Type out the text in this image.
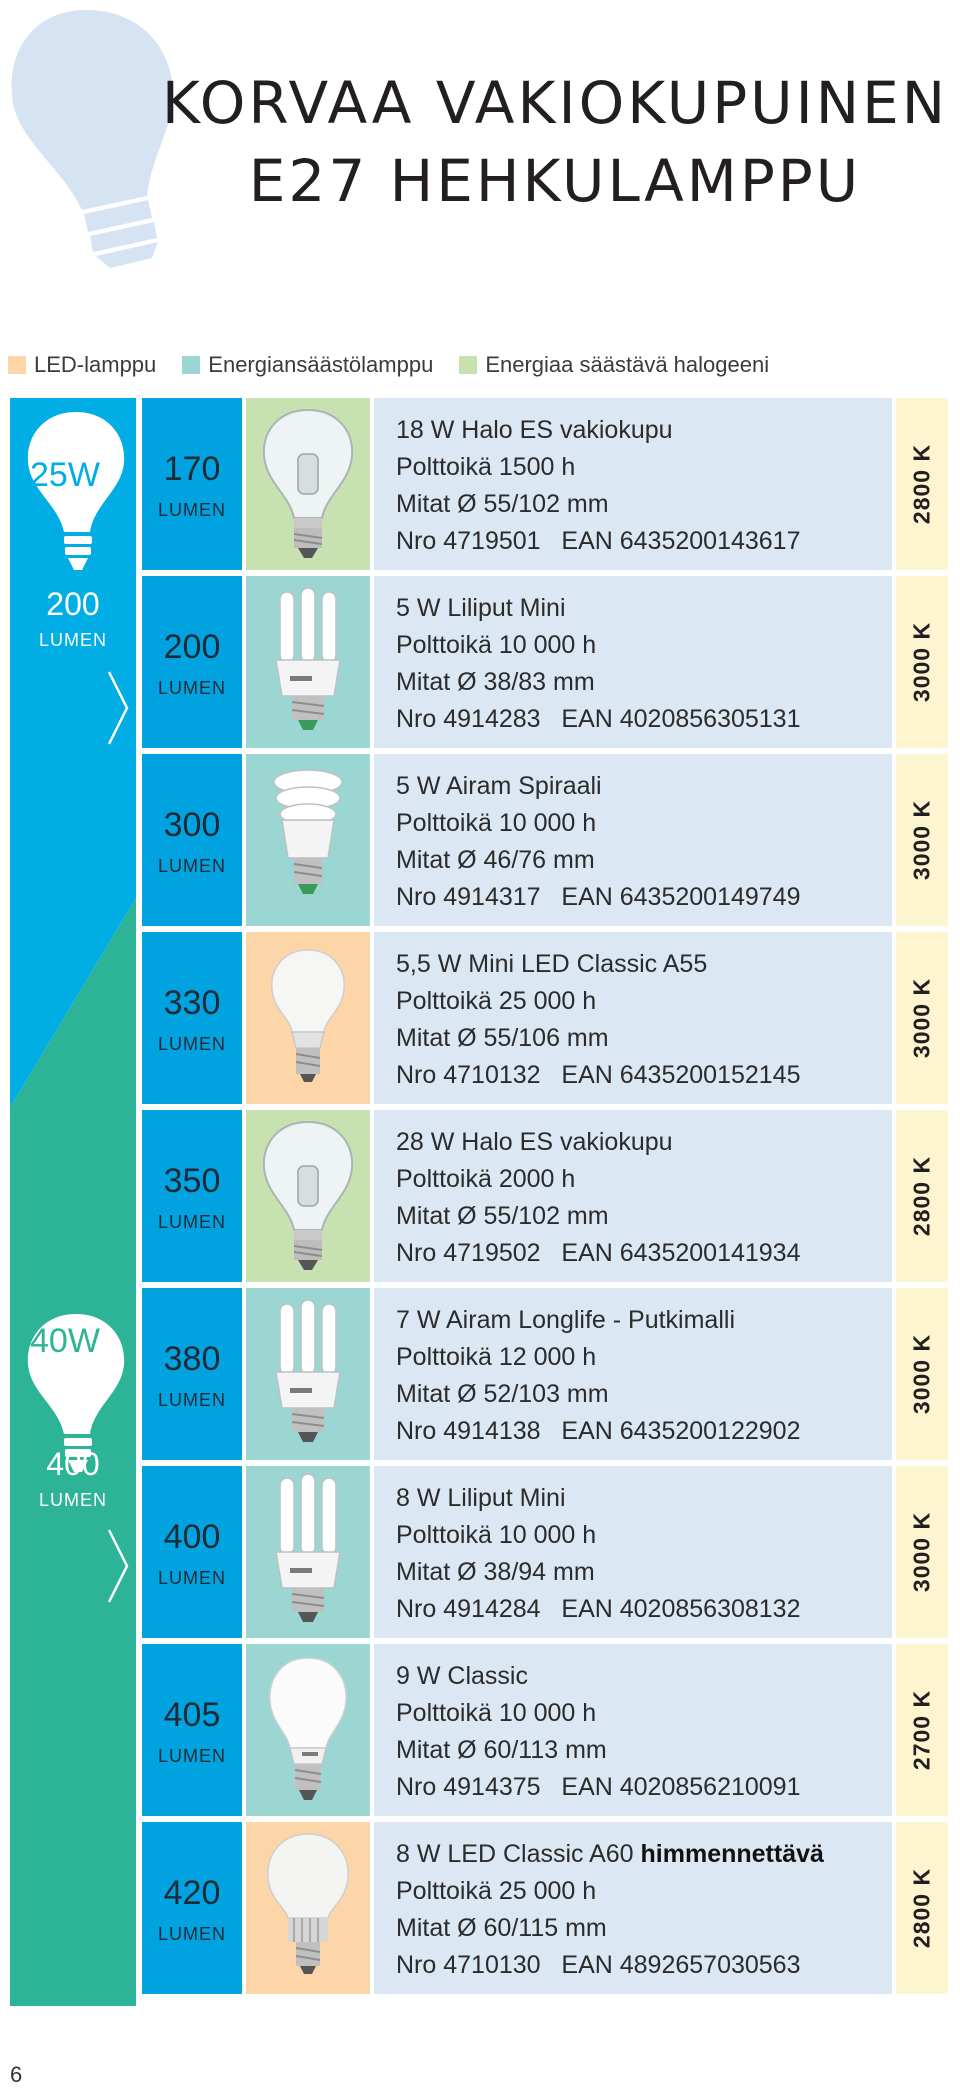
KORVAA VAKIOKUPUINEN
E27 HEHKULAMPPU
LED-lamppu Energiansäästölamppu Energiaa säästävä halogeeni
25W
200
LUMEN
40W
400
LUMEN
170
LUMEN
18 W Halo ES vakiokupu
Polttoikä 1500 h
Mitat Ø 55/102 mm
Nro 4719501   EAN 6435200143617
2800 K
200
LUMEN
5 W Liliput Mini
Polttoikä 10 000 h
Mitat Ø 38/83 mm
Nro 4914283   EAN 4020856305131
3000 K
300
LUMEN
5 W Airam Spiraali
Polttoikä 10 000 h
Mitat Ø 46/76 mm
Nro 4914317   EAN 6435200149749
3000 K
330
LUMEN
5,5 W Mini LED Classic A55
Polttoikä 25 000 h
Mitat Ø 55/106 mm
Nro 4710132   EAN 6435200152145
3000 K
350
LUMEN
28 W Halo ES vakiokupu
Polttoikä 2000 h
Mitat Ø 55/102 mm
Nro 4719502   EAN 6435200141934
2800 K
380
LUMEN
7 W Airam Longlife - Putkimalli
Polttoikä 12 000 h
Mitat Ø 52/103 mm
Nro 4914138   EAN 6435200122902
3000 K
400
LUMEN
8 W Liliput Mini
Polttoikä 10 000 h
Mitat Ø 38/94 mm
Nro 4914284   EAN 4020856308132
3000 K
405
LUMEN
9 W Classic
Polttoikä 10 000 h
Mitat Ø 60/113 mm
Nro 4914375   EAN 4020856210091
2700 K
420
LUMEN
8 W LED Classic A60 himmennettävä
Polttoikä 25 000 h
Mitat Ø 60/115 mm
Nro 4710130   EAN 4892657030563
2800 K
6
